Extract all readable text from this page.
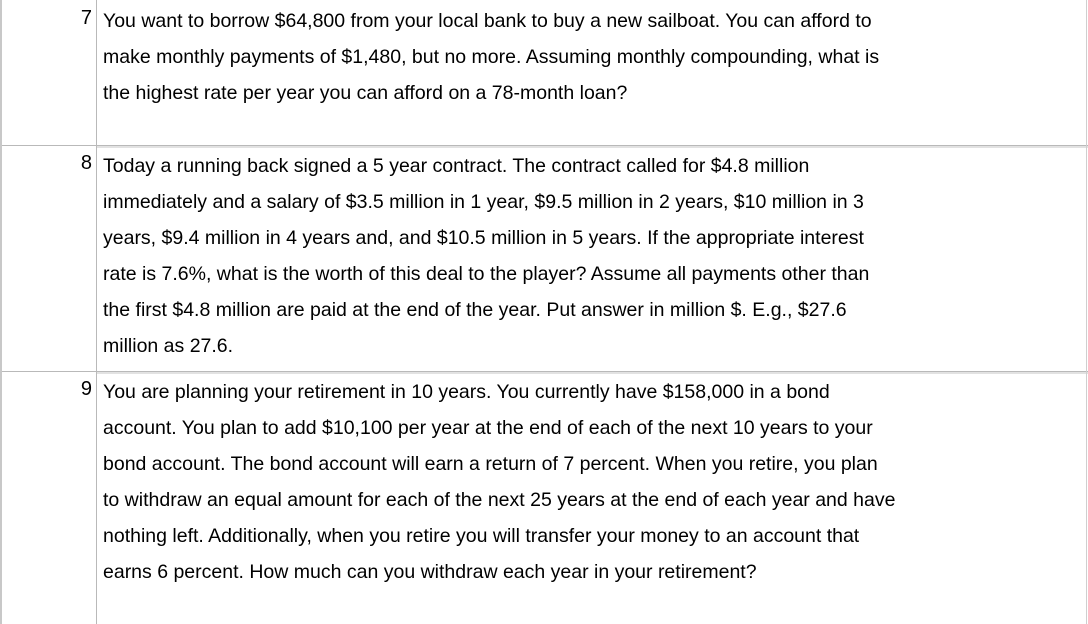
7 You want to borrow $64,800 from your local bank to buy a new sailboat. You can afford to
make monthly payments of $1,480, but no more. Assuming monthly compounding, what is
the highest rate per year you can afford on a 78-month loan?

8 Today a running back signed a 5 year contract. The contract called for $4.8 million
immediately and a salary of $3.5 million in 1 year, $9.5 million in 2 years, $10 million in 3
years, $9.4 million in 4 years and, and $10.5 million in 5 years. If the appropriate interest
rate is 7.6%, what is the worth of this deal to the player? Assume all payments other than
the first $4.8 million are paid at the end of the year. Put answer in million $. E.g., $27.6
million as 27.6.

9 You are planning your retirement in 10 years. You currently have $158,000 in a bond
account. You plan to add $10,100 per year at the end of each of the next 10 years to your
bond account. The bond account will earn a return of 7 percent. When you retire, you plan
to withdraw an equal amount for each of the next 25 years at the end of each year and have
nothing left. Additionally, when you retire you will transfer your money to an account that
earns 6 percent. How much can you withdraw each year in your retirement?
